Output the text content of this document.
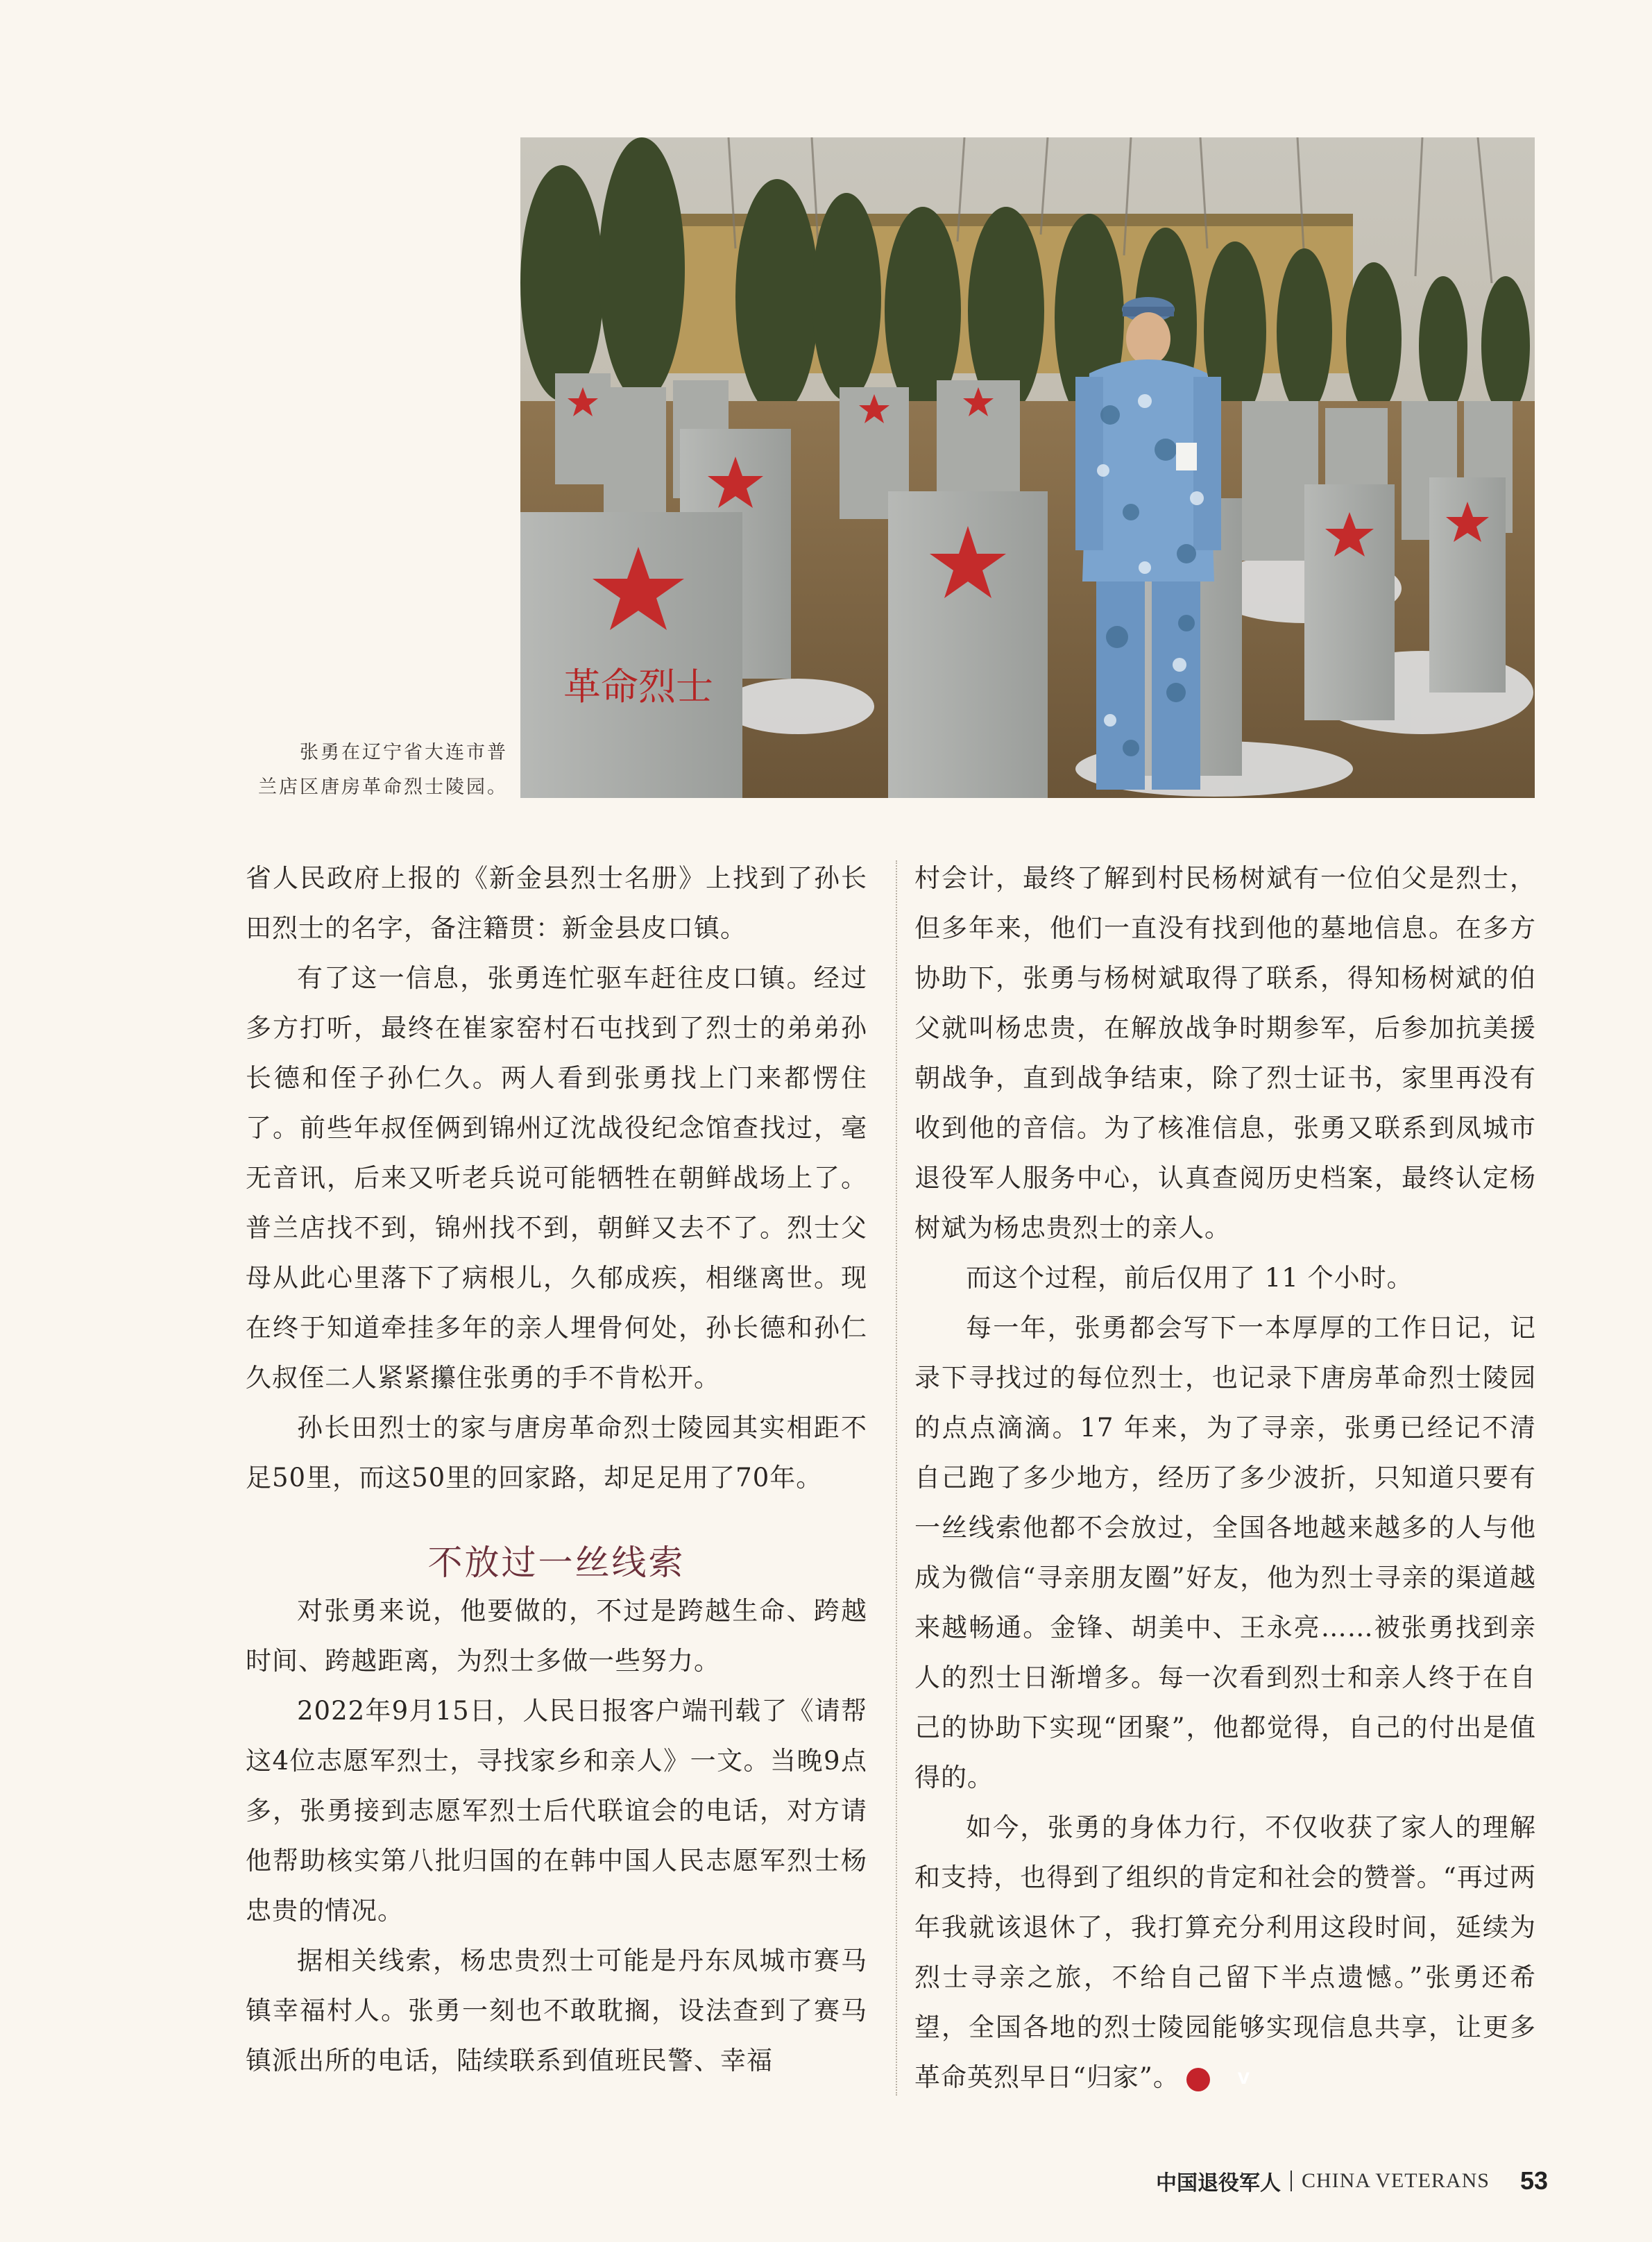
革命烈士

张勇在辽宁省大连市普

兰店区唐房革命烈士陵园。

省人民政府上报的《新金县烈士名册》上找到了孙长田烈士的名字，备注籍贯：新金县皮口镇。

有了这一信息，张勇连忙驱车赶往皮口镇。经过多方打听，最终在崔家窑村石屯找到了烈士的弟弟孙长德和侄子孙仁久。两人看到张勇找上门来都愣住了。前些年叔侄俩到锦州辽沈战役纪念馆查找过，毫无音讯，后来又听老兵说可能牺牲在朝鲜战场上了。普兰店找不到，锦州找不到，朝鲜又去不了。烈士父母从此心里落下了病根儿，久郁成疾，相继离世。现在终于知道牵挂多年的亲人埋骨何处，孙长德和孙仁久叔侄二人紧紧攥住张勇的手不肯松开。

孙长田烈士的家与唐房革命烈士陵园其实相距不足50里，而这50里的回家路，却足足用了70年。

不放过一丝线索

对张勇来说，他要做的，不过是跨越生命、跨越时间、跨越距离，为烈士多做一些努力。

2022年9月15日，人民日报客户端刊载了《请帮这4位志愿军烈士，寻找家乡和亲人》一文。当晚9点多，张勇接到志愿军烈士后代联谊会的电话，对方请他帮助核实第八批归国的在韩中国人民志愿军烈士杨忠贵的情况。

据相关线索，杨忠贵烈士可能是丹东凤城市赛马镇幸福村人。张勇一刻也不敢耽搁，设法查到了赛马镇派出所的电话，陆续联系到值班民警、幸福

村会计，最终了解到村民杨树斌有一位伯父是烈士，但多年来，他们一直没有找到他的墓地信息。在多方协助下，张勇与杨树斌取得了联系，得知杨树斌的伯父就叫杨忠贵，在解放战争时期参军，后参加抗美援朝战争，直到战争结束，除了烈士证书，家里再没有收到他的音信。为了核准信息，张勇又联系到凤城市退役军人服务中心，认真查阅历史档案，最终认定杨树斌为杨忠贵烈士的亲人。

而这个过程，前后仅用了 11 个小时。

每一年，张勇都会写下一本厚厚的工作日记，记录下寻找过的每位烈士，也记录下唐房革命烈士陵园的点点滴滴。17 年来，为了寻亲，张勇已经记不清自己跑了多少地方，经历了多少波折，只知道只要有一丝线索他都不会放过，全国各地越来越多的人与他成为微信“寻亲朋友圈”好友，他为烈士寻亲的渠道越来越畅通。金锋、胡美中、王永亮……被张勇找到亲人的烈士日渐增多。每一次看到烈士和亲人终于在自己的协助下实现“团聚”，他都觉得，自己的付出是值得的。

如今，张勇的身体力行，不仅收获了家人的理解和支持，也得到了组织的肯定和社会的赞誉。“再过两年我就该退休了，我打算充分利用这段时间，延续为烈士寻亲之旅，不给自己留下半点遗憾。”张勇还希望，全国各地的烈士陵园能够实现信息共享，让更多革命英烈早日“归家”。	V

中国退役军人 CHINA VETERANS 53
